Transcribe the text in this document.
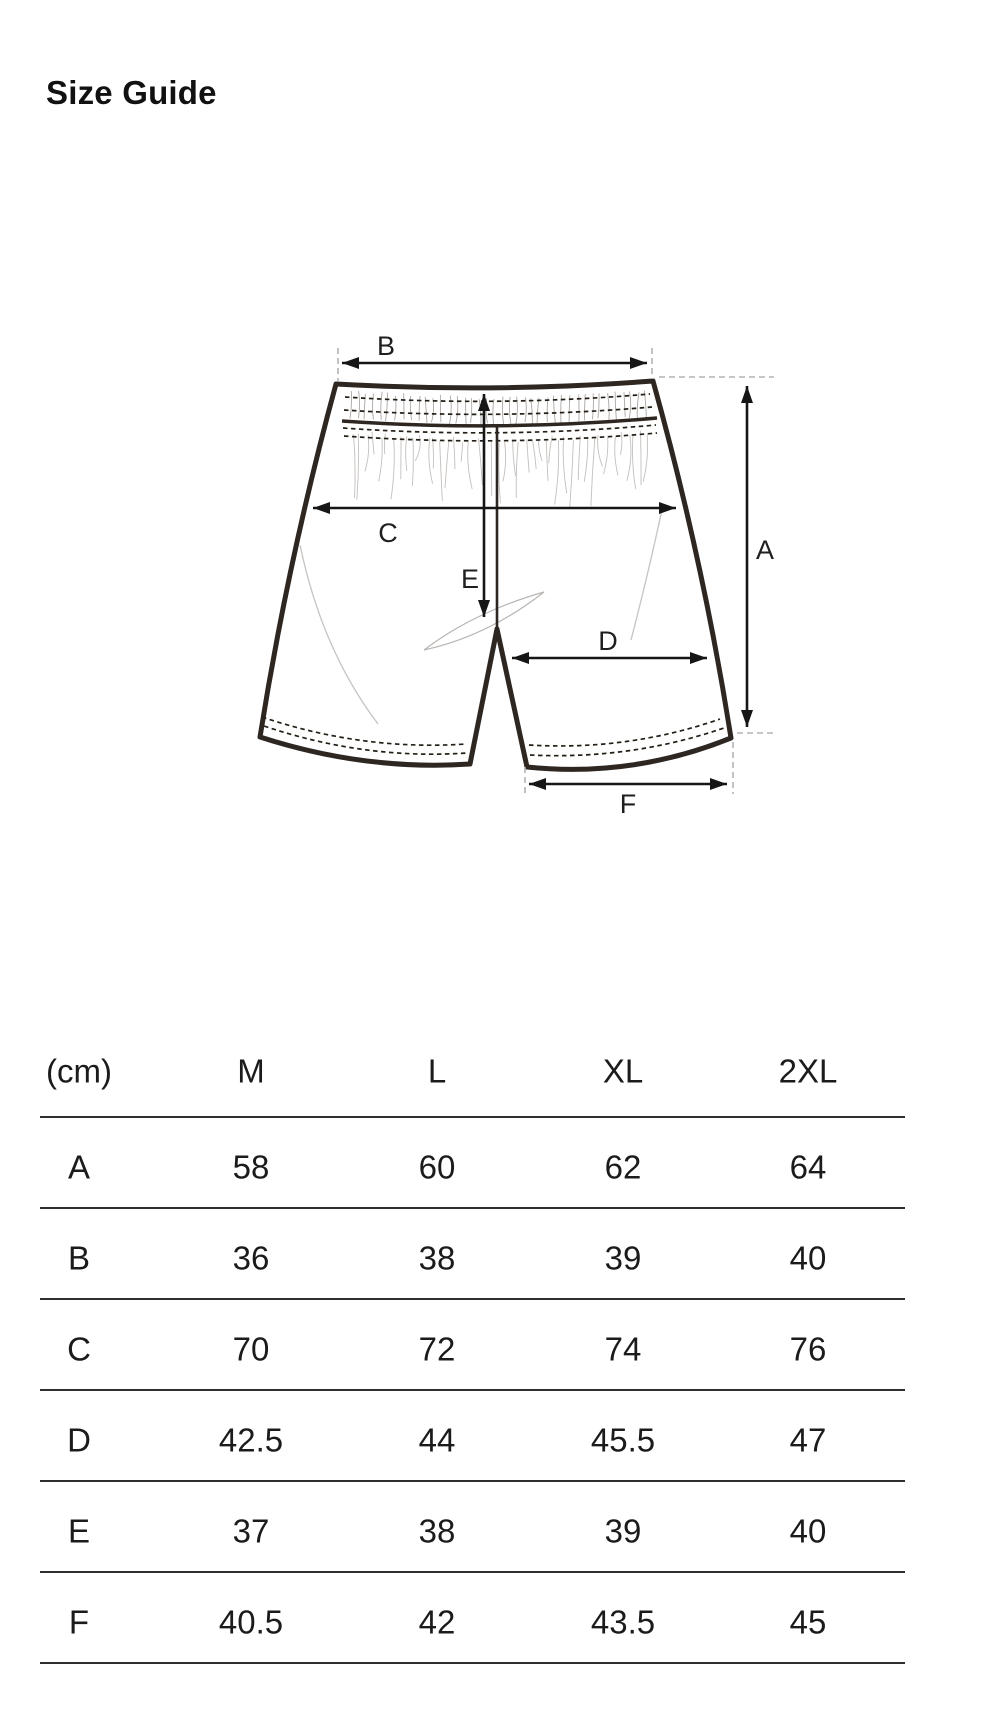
Size Guide
B
A
C
E
D
F
(cm)	M	L	XL	2XL
A	58	60	62	64
B	36	38	39	40
C	70	72	74	76
D	42.5	44	45.5	47
E	37	38	39	40
F	40.5	42	43.5	45
